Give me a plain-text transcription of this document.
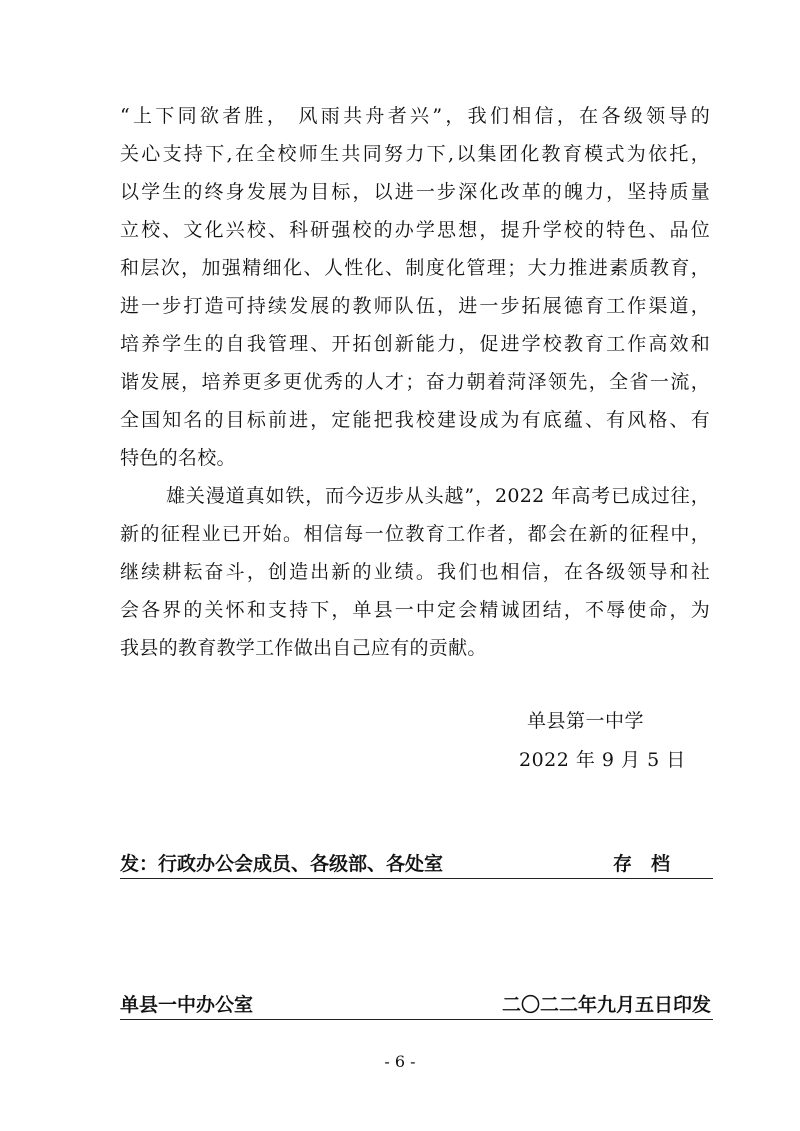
“上下同欲者胜， 风雨共舟者兴”，我们相信，在各级领导的
关心支持下,在全校师生共同努力下,以集团化教育模式为依托，
以学生的终身发展为目标，以进一步深化改革的魄力，坚持质量
立校、文化兴校、科研强校的办学思想，提升学校的特色、品位
和层次，加强精细化、人性化、制度化管理；大力推进素质教育，
进一步打造可持续发展的教师队伍，进一步拓展德育工作渠道，
培养学生的自我管理、开拓创新能力，促进学校教育工作高效和
谐发展，培养更多更优秀的人才；奋力朝着菏泽领先，全省一流，
全国知名的目标前进，定能把我校建设成为有底蕴、有风格、有
特色的名校。
雄关漫道真如铁，而今迈步从头越”，2022 年高考已成过往，
新的征程业已开始。相信每一位教育工作者，都会在新的征程中，
继续耕耘奋斗，创造出新的业绩。我们也相信，在各级领导和社
会各界的关怀和支持下，单县一中定会精诚团结，不辱使命，为
我县的教育教学工作做出自己应有的贡献。
单县第一中学
2022 年 9 月 5 日
发：行政办公会成员、各级部、各处室	存　档
单县一中办公室	二〇二二年九月五日印发
- 6 -
